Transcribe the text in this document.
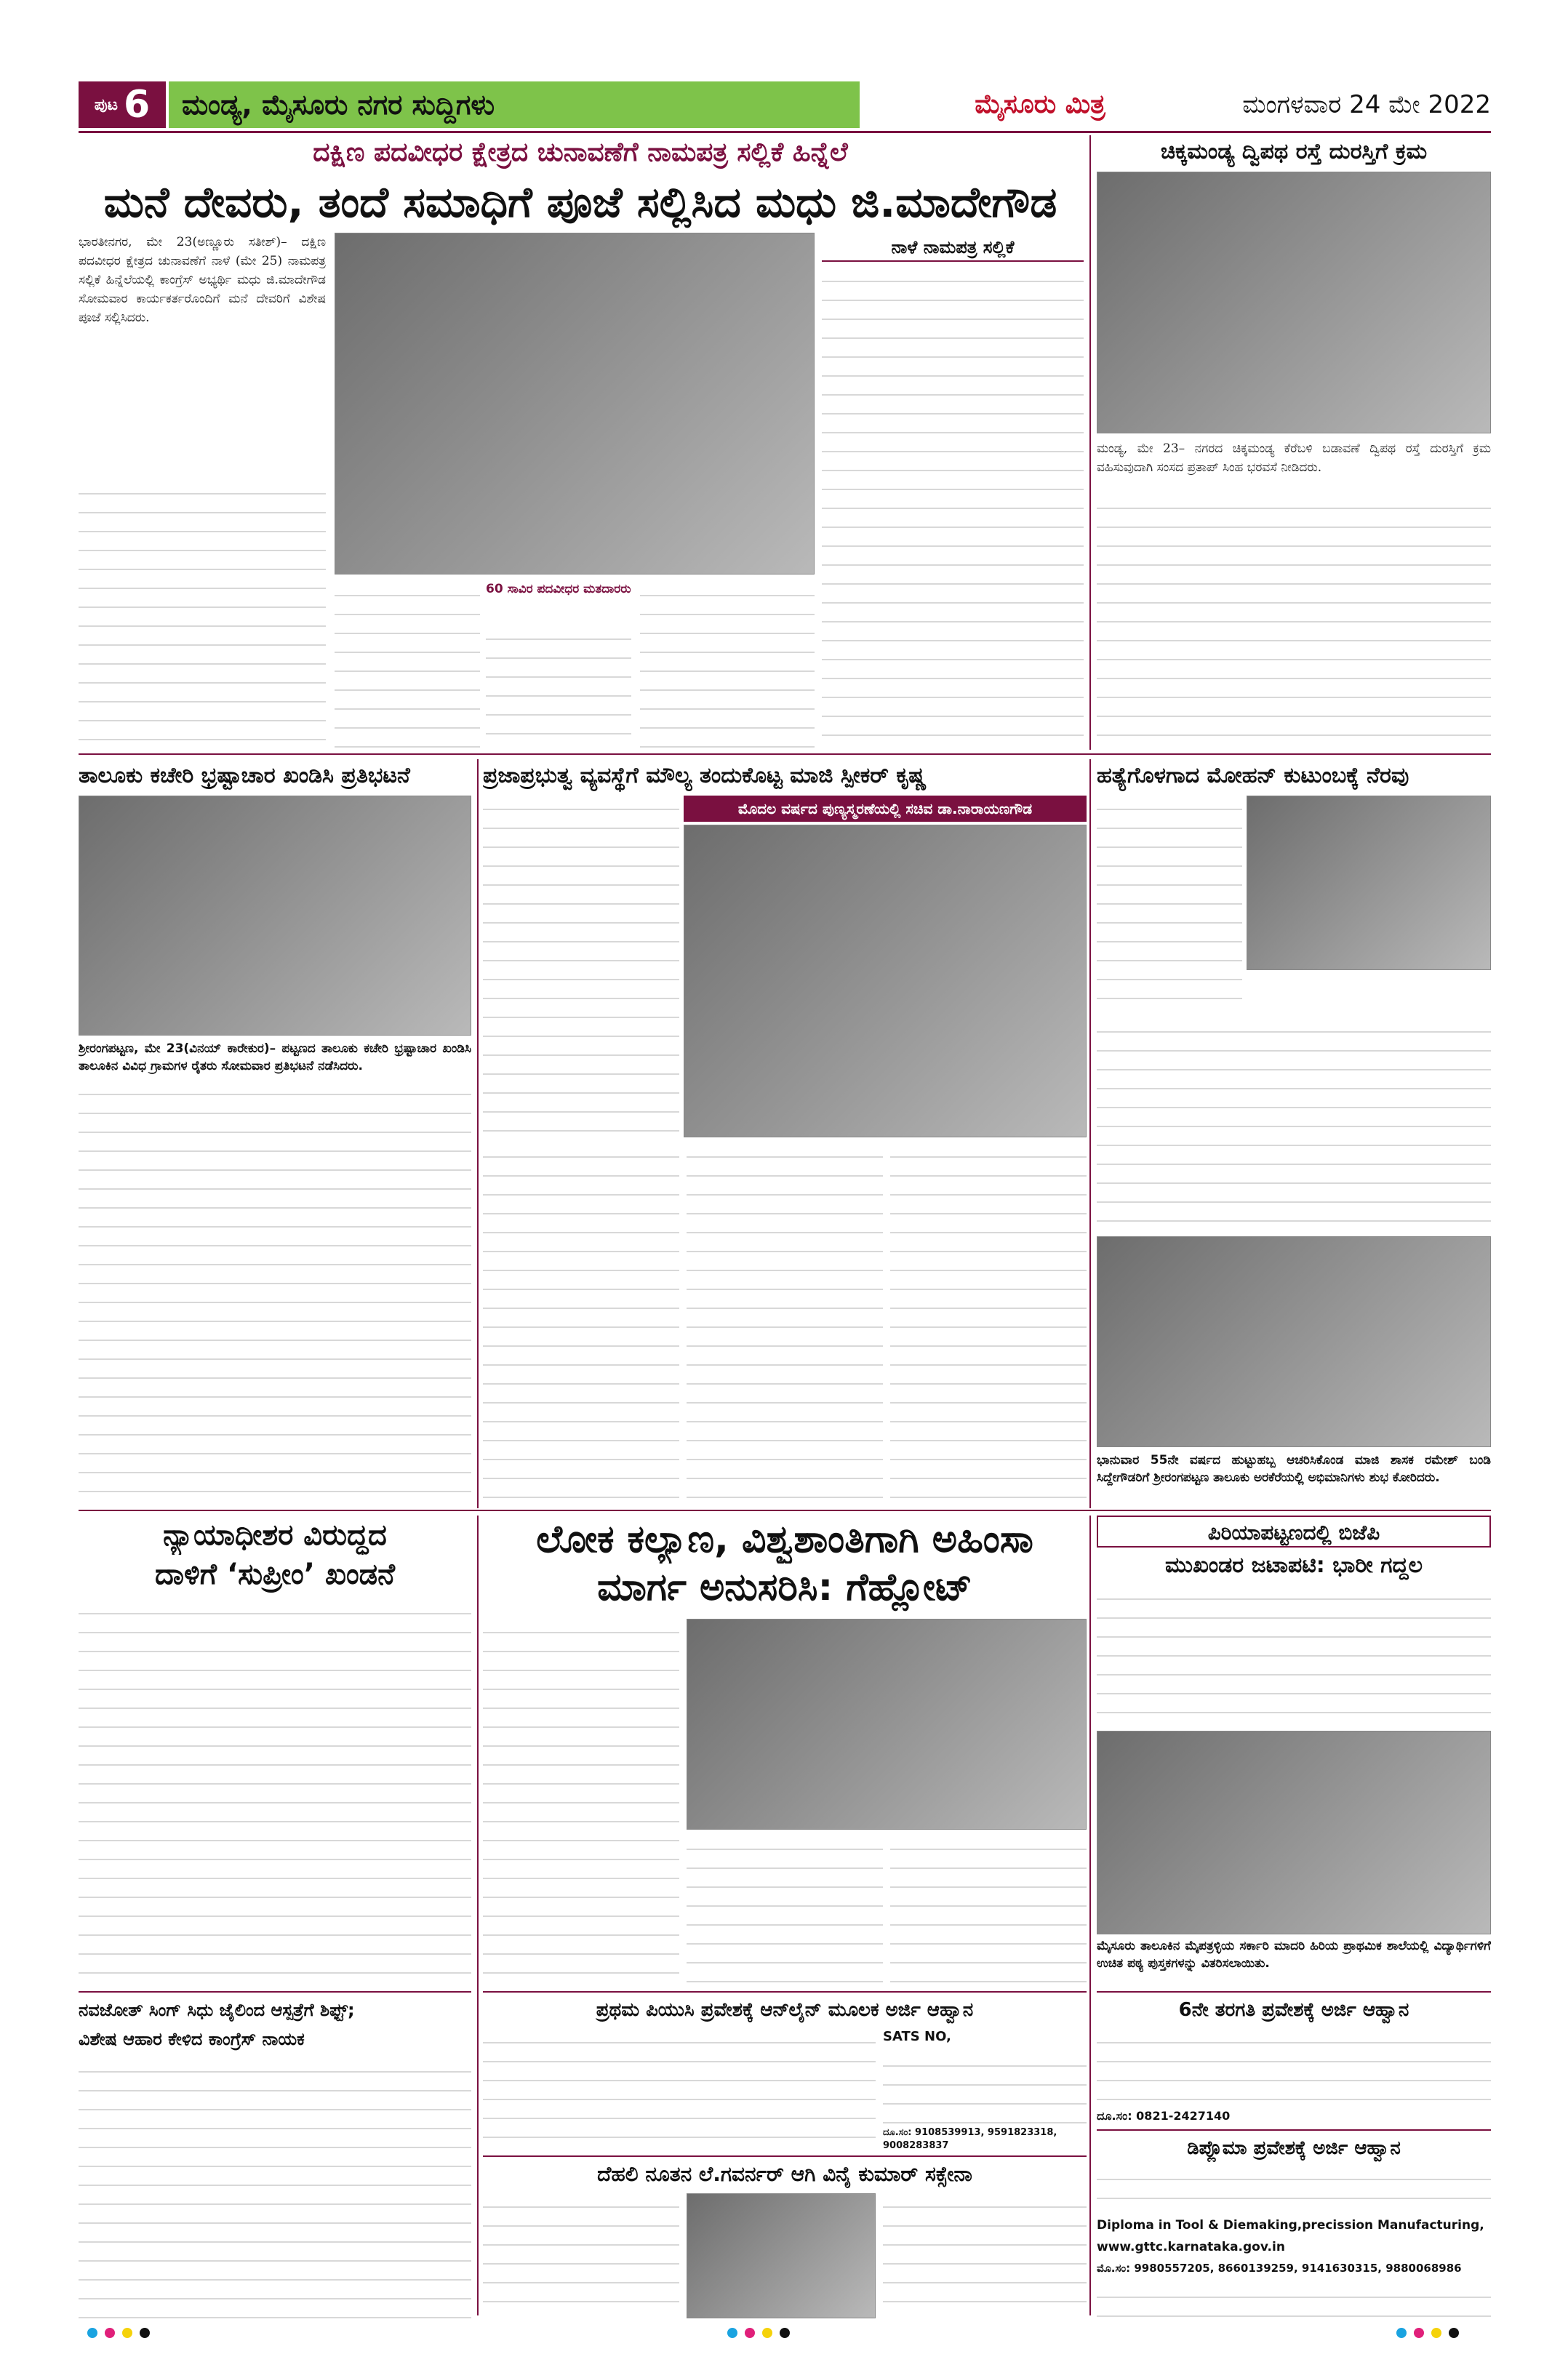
ಪುಟ 6	ಮಂಡ್ಯ, ಮೈಸೂರು ನಗರ ಸುದ್ದಿಗಳು	ಮೈಸೂರು ಮಿತ್ರ	ಮಂಗಳವಾರ 24 ಮೇ 2022
ದಕ್ಷಿಣ ಪದವೀಧರ ಕ್ಷೇತ್ರದ ಚುನಾವಣೆಗೆ ನಾಮಪತ್ರ ಸಲ್ಲಿಕೆ ಹಿನ್ನೆಲೆ
ಮನೆ ದೇವರು, ತಂದೆ ಸಮಾಧಿಗೆ ಪೂಜೆ ಸಲ್ಲಿಸಿದ ಮಧು ಜಿ.ಮಾದೇಗೌಡ
ಭಾರತೀನಗರ, ಮೇ 23(ಅಣ್ಣೂರು ಸತೀಶ್)– ದಕ್ಷಿಣ ಪದವೀಧರ ಕ್ಷೇತ್ರದ ಚುನಾವಣೆಗೆ ನಾಳೆ (ಮೇ 25) ನಾಮಪತ್ರ ಸಲ್ಲಿಕೆ ಹಿನ್ನೆಲೆಯಲ್ಲಿ ಕಾಂಗ್ರೆಸ್ ಅಭ್ಯರ್ಥಿ ಮಧು ಜಿ.ಮಾದೇಗೌಡ ಸೋಮವಾರ ಕಾರ್ಯಕರ್ತರೊಂದಿಗೆ ಮನೆ ದೇವರಿಗೆ ವಿಶೇಷ ಪೂಜೆ ಸಲ್ಲಿಸಿದರು.
60 ಸಾವಿರ ಪದವೀಧರ ಮತದಾರರು
ನಾಳೆ ನಾಮಪತ್ರ ಸಲ್ಲಿಕೆ
ಚಿಕ್ಕಮಂಡ್ಯ ದ್ವಿಪಥ ರಸ್ತೆ ದುರಸ್ತಿಗೆ ಕ್ರಮ
ಮಂಡ್ಯ, ಮೇ 23– ನಗರದ ಚಿಕ್ಕಮಂಡ್ಯ ಕೆರೆಬಳಿ ಬಡಾವಣೆ ದ್ವಿಪಥ ರಸ್ತೆ ದುರಸ್ತಿಗೆ ಕ್ರಮ ವಹಿಸುವುದಾಗಿ ಸಂಸದ ಪ್ರತಾಪ್ ಸಿಂಹ ಭರವಸೆ ನೀಡಿದರು.
ತಾಲೂಕು ಕಚೇರಿ ಭ್ರಷ್ಟಾಚಾರ ಖಂಡಿಸಿ ಪ್ರತಿಭಟನೆ
ಶ್ರೀರಂಗಪಟ್ಟಣ, ಮೇ 23(ವಿನಯ್ ಕಾರೇಕುರ)– ಪಟ್ಟಣದ ತಾಲೂಕು ಕಚೇರಿ ಭ್ರಷ್ಟಾಚಾರ ಖಂಡಿಸಿ ತಾಲೂಕಿನ ವಿವಿಧ ಗ್ರಾಮಗಳ ರೈತರು ಸೋಮವಾರ ಪ್ರತಿಭಟನೆ ನಡೆಸಿದರು.
ಪ್ರಜಾಪ್ರಭುತ್ವ ವ್ಯವಸ್ಥೆಗೆ ಮೌಲ್ಯ ತಂದುಕೊಟ್ಟ ಮಾಜಿ ಸ್ಪೀಕರ್ ಕೃಷ್ಣ
ಮೊದಲ ವರ್ಷದ ಪುಣ್ಯಸ್ಮರಣೆಯಲ್ಲಿ ಸಚಿವ ಡಾ.ನಾರಾಯಣಗೌಡ
ಹತ್ಯೆಗೊಳಗಾದ ಮೋಹನ್ ಕುಟುಂಬಕ್ಕೆ ನೆರವು
ಭಾನುವಾರ 55ನೇ ವರ್ಷದ ಹುಟ್ಟುಹಬ್ಬ ಆಚರಿಸಿಕೊಂಡ ಮಾಜಿ ಶಾಸಕ ರಮೇಶ್ ಬಂಡಿ ಸಿದ್ದೇಗೌಡರಿಗೆ ಶ್ರೀರಂಗಪಟ್ಟಣ ತಾಲೂಕು ಅರಕೆರೆಯಲ್ಲಿ ಅಭಿಮಾನಿಗಳು ಶುಭ ಕೋರಿದರು.
ನ್ಯಾಯಾಧೀಶರ ವಿರುದ್ಧದ
ದಾಳಿಗೆ ‘ಸುಪ್ರೀಂ’ ಖಂಡನೆ
ಲೋಕ ಕಲ್ಯಾಣ, ವಿಶ್ವಶಾಂತಿಗಾಗಿ ಅಹಿಂಸಾ
ಮಾರ್ಗ ಅನುಸರಿಸಿ: ಗೆಹ್ಲೋಟ್
ಪಿರಿಯಾಪಟ್ಟಣದಲ್ಲಿ ಬಿಜೆಪಿ
ಮುಖಂಡರ ಜಟಾಪಟಿ: ಭಾರೀ ಗದ್ದಲ
ಮೈಸೂರು ತಾಲೂಕಿನ ಮೈಪತ್ರಳ್ಳಿಯ ಸರ್ಕಾರಿ ಮಾದರಿ ಹಿರಿಯ ಪ್ರಾಥಮಿಕ ಶಾಲೆಯಲ್ಲಿ ವಿದ್ಯಾರ್ಥಿಗಳಿಗೆ ಉಚಿತ ಪಠ್ಯ ಪುಸ್ತಕಗಳನ್ನು ವಿತರಿಸಲಾಯಿತು.
ನವಜೋತ್ ಸಿಂಗ್ ಸಿಧು ಜೈಲಿಂದ ಆಸ್ಪತ್ರೆಗೆ ಶಿಫ್ಟ್;
ವಿಶೇಷ ಆಹಾರ ಕೇಳಿದ ಕಾಂಗ್ರೆಸ್ ನಾಯಕ
ಪ್ರಥಮ ಪಿಯುಸಿ ಪ್ರವೇಶಕ್ಕೆ ಆನ್‍ಲೈನ್ ಮೂಲಕ ಅರ್ಜಿ ಆಹ್ವಾನ
SATS NO,
ದೂ.ಸಂ: 9108539913, 9591823318, 9008283837
ದೆಹಲಿ ನೂತನ ಲೆ.ಗವರ್ನರ್ ಆಗಿ ವಿನೈ ಕುಮಾರ್ ಸಕ್ಸೇನಾ
6ನೇ ತರಗತಿ ಪ್ರವೇಶಕ್ಕೆ ಅರ್ಜಿ ಆಹ್ವಾನ
ದೂ.ಸಂ: 0821-2427140
ಡಿಪ್ಲೊಮಾ ಪ್ರವೇಶಕ್ಕೆ ಅರ್ಜಿ ಆಹ್ವಾನ
Diploma in Tool & Diemaking,precission Manufacturing,
www.gttc.karnataka.gov.in
ಮೊ.ಸಂ: 9980557205, 8660139259, 9141630315, 9880068986
